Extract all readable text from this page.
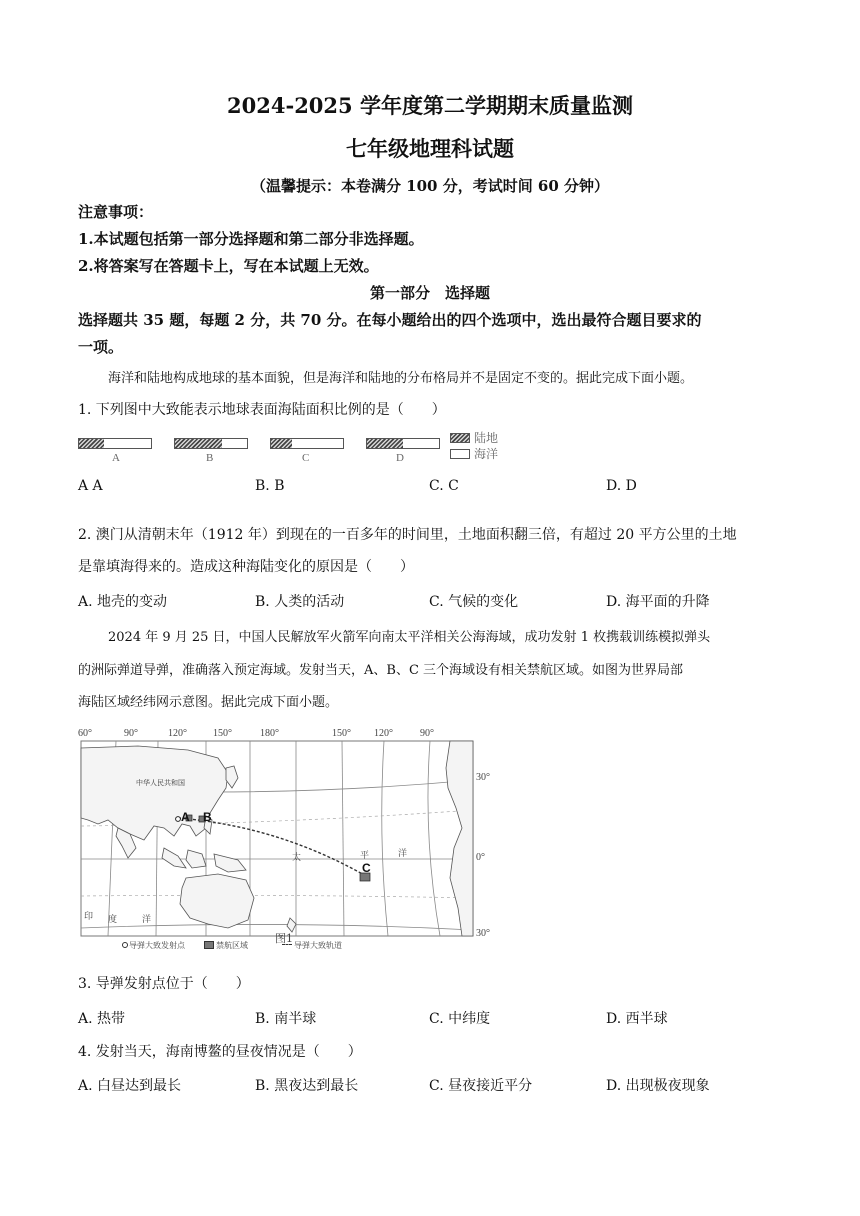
2024-2025 学年度第二学期期末质量监测
七年级地理科试题
（温馨提示：本卷满分 100 分，考试时间 60 分钟）
注意事项：
1.本试题包括第一部分选择题和第二部分非选择题。
2.将答案写在答题卡上，写在本试题上无效。
第一部分　选择题
选择题共 35 题，每题 2 分，共 70 分。在每小题给出的四个选项中，选出最符合题目要求的
一项。
海洋和陆地构成地球的基本面貌，但是海洋和陆地的分布格局并不是固定不变的。据此完成下面小题。
1. 下列图中大致能表示地球表面海陆面积比例的是（　　）
A	B	C	D
陆地
海洋
A A	B. B	C. C	D. D
2. 澳门从清朝末年（1912 年）到现在的一百多年的时间里，土地面积翻三倍，有超过 20 平方公里的土地
是靠填海得来的。造成这种海陆变化的原因是（　　）
A. 地壳的变动	B. 人类的活动	C. 气候的变化	D. 海平面的升降
2024 年 9 月 25 日，中国人民解放军火箭军向南太平洋相关公海海域，成功发射 1 枚携载训练模拟弹头
的洲际弹道导弹，准确落入预定海域。发射当天，A、B、C 三个海域设有相关禁航区域。如图为世界局部
海陆区域经纬网示意图。据此完成下面小题。
60°	90°	120°	150°	180°	150° 120°	90°
30°
0°
30°
中华人民共和国
A B
C
太	平	洋
印 度	洋
图1
导弹大致发射点	禁航区域	导弹大致轨道
3. 导弹发射点位于（　　）
A. 热带	B. 南半球	C. 中纬度	D. 西半球
4. 发射当天，海南博鳌的昼夜情况是（　　）
A. 白昼达到最长	B. 黑夜达到最长	C. 昼夜接近平分	D. 出现极夜现象
